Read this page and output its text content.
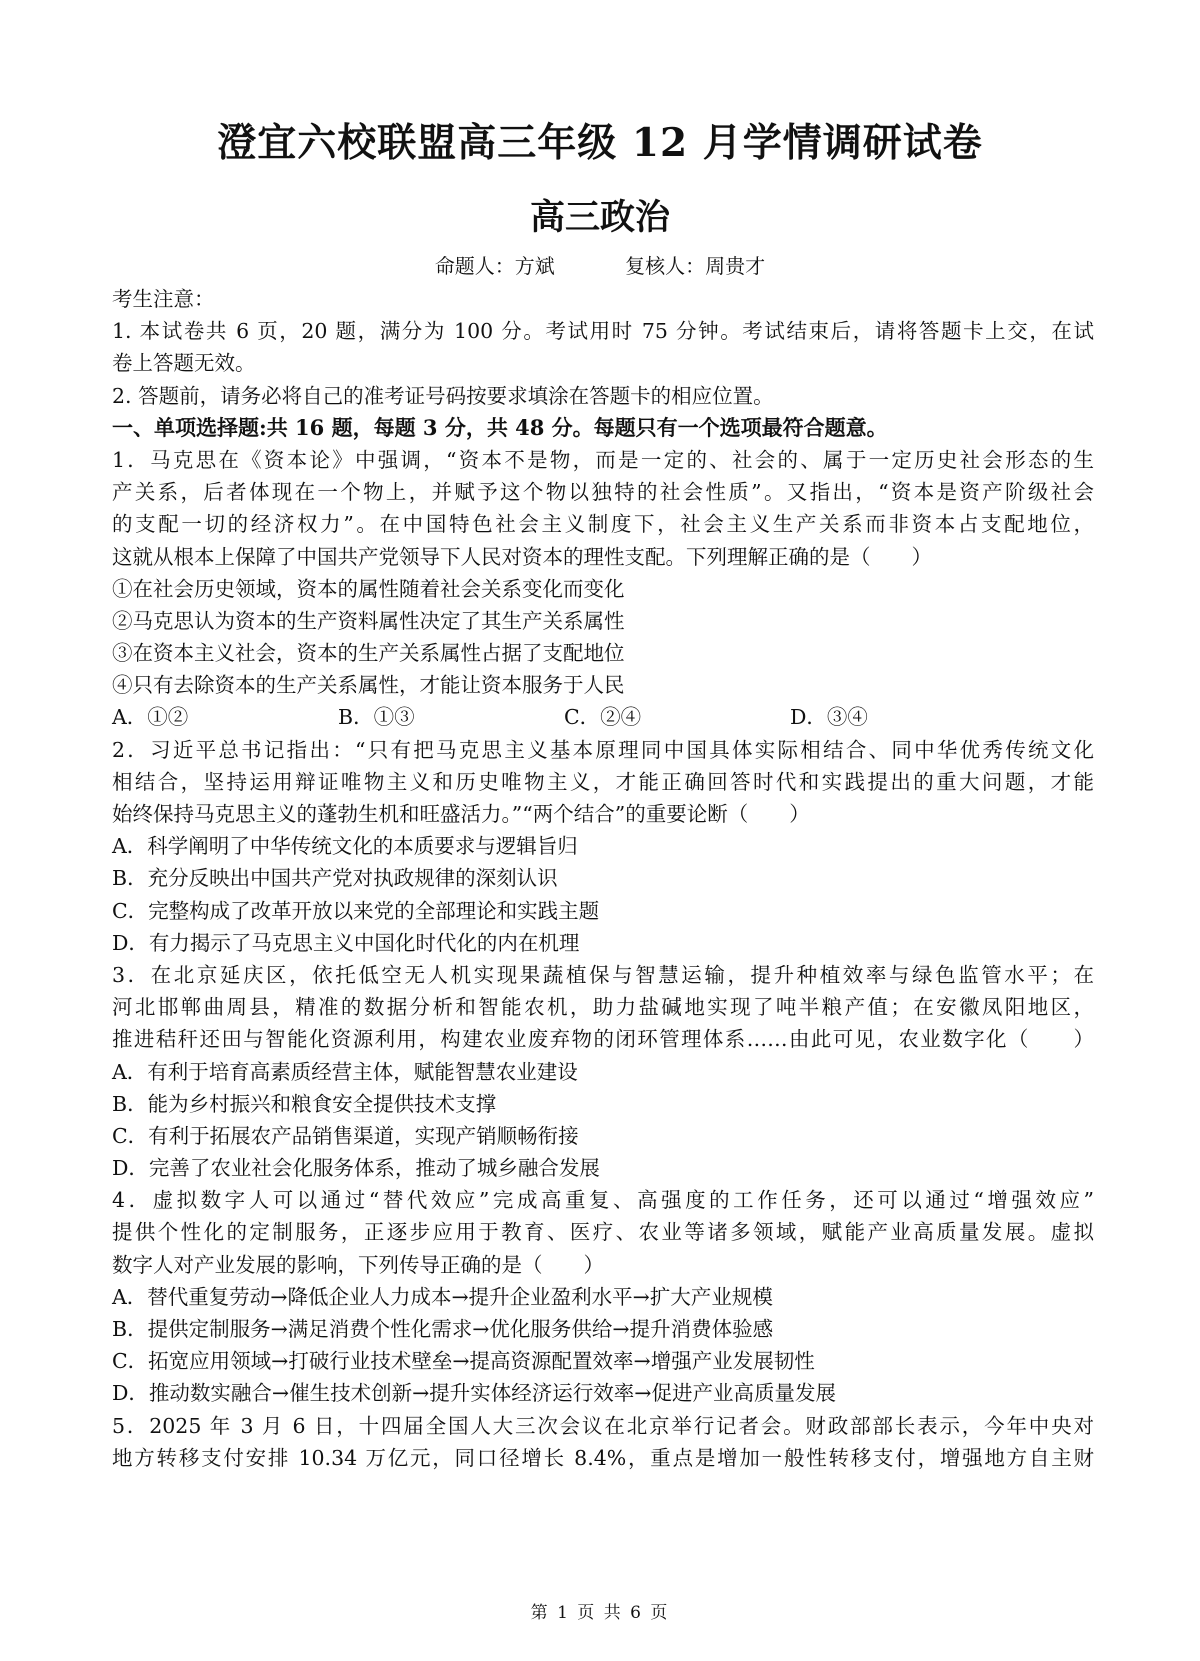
澄宜六校联盟高三年级 12 月学情调研试卷
高三政治
命题人：方斌	复核人：周贵才
考生注意：
1. 本试卷共 6 页，20 题，满分为 100 分。考试用时 75 分钟。考试结束后，请将答题卡上交，在试
卷上答题无效。
2. 答题前，请务必将自己的准考证号码按要求填涂在答题卡的相应位置。
一、单项选择题:共 16 题，每题 3 分，共 48 分。每题只有一个选项最符合题意。
1．马克思在《资本论》中强调，“资本不是物，而是一定的、社会的、属于一定历史社会形态的生
产关系，后者体现在一个物上，并赋予这个物以独特的社会性质”。又指出，“资本是资产阶级社会
的支配一切的经济权力”。在中国特色社会主义制度下，社会主义生产关系而非资本占支配地位，
这就从根本上保障了中国共产党领导下人民对资本的理性支配。下列理解正确的是（　　）
①在社会历史领域，资本的属性随着社会关系变化而变化
②马克思认为资本的生产资料属性决定了其生产关系属性
③在资本主义社会，资本的生产关系属性占据了支配地位
④只有去除资本的生产关系属性，才能让资本服务于人民
A．①②	B．①③	C．②④	D．③④
2．习近平总书记指出：“只有把马克思主义基本原理同中国具体实际相结合、同中华优秀传统文化
相结合，坚持运用辩证唯物主义和历史唯物主义，才能正确回答时代和实践提出的重大问题，才能
始终保持马克思主义的蓬勃生机和旺盛活力。”“两个结合”的重要论断（　　）
A．科学阐明了中华传统文化的本质要求与逻辑旨归
B．充分反映出中国共产党对执政规律的深刻认识
C．完整构成了改革开放以来党的全部理论和实践主题
D．有力揭示了马克思主义中国化时代化的内在机理
3．在北京延庆区，依托低空无人机实现果蔬植保与智慧运输，提升种植效率与绿色监管水平；在
河北邯郸曲周县，精准的数据分析和智能农机，助力盐碱地实现了吨半粮产值；在安徽凤阳地区，
推进秸秆还田与智能化资源利用，构建农业废弃物的闭环管理体系……由此可见，农业数字化（　　）
A．有利于培育高素质经营主体，赋能智慧农业建设
B．能为乡村振兴和粮食安全提供技术支撑
C．有利于拓展农产品销售渠道，实现产销顺畅衔接
D．完善了农业社会化服务体系，推动了城乡融合发展
4．虚拟数字人可以通过“替代效应”完成高重复、高强度的工作任务，还可以通过“增强效应”
提供个性化的定制服务，正逐步应用于教育、医疗、农业等诸多领域，赋能产业高质量发展。虚拟
数字人对产业发展的影响，下列传导正确的是（　　）
A．替代重复劳动→降低企业人力成本→提升企业盈利水平→扩大产业规模
B．提供定制服务→满足消费个性化需求→优化服务供给→提升消费体验感
C．拓宽应用领域→打破行业技术壁垒→提高资源配置效率→增强产业发展韧性
D．推动数实融合→催生技术创新→提升实体经济运行效率→促进产业高质量发展
5．2025 年 3 月 6 日，十四届全国人大三次会议在北京举行记者会。财政部部长表示，今年中央对
地方转移支付安排 10.34 万亿元，同口径增长 8.4%，重点是增加一般性转移支付，增强地方自主财
第 1 页 共 6 页
